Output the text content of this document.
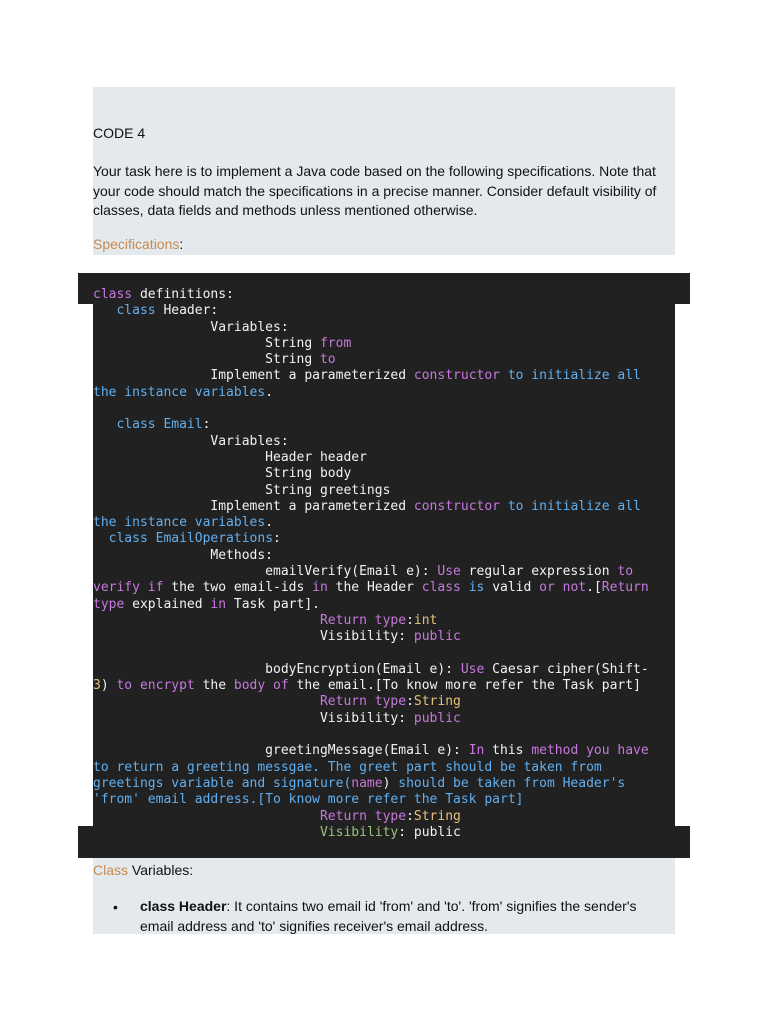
CODE 4
Your task here is to implement a Java code based on the following specifications. Note that your code should match the specifications in a precise manner. Consider default visibility of classes, data fields and methods unless mentioned otherwise.
Specifications:
class definitions:
class Header:
Variables:
String from
String to
Implement a parameterized constructor to initialize all
the instance variables.

class Email:
Variables:
Header header
String body
String greetings
Implement a parameterized constructor to initialize all
the instance variables.
class EmailOperations:
Methods:
emailVerify(Email e): Use regular expression to
verify if the two email-ids in the Header class is valid or not.[Return
type explained in Task part].
Return type:int
Visibility: public

bodyEncryption(Email e): Use Caesar cipher(Shift-
3) to encrypt the body of the email.[To know more refer the Task part]
Return type:String
Visibility: public

greetingMessage(Email e): In this method you have
to return a greeting messgae. The greet part should be taken from
greetings variable and signature(name) should be taken from Header's
'from' email address.[To know more refer the Task part]
Return type:String
Visibility: public
Class Variables:
• class Header: It contains two email id 'from' and 'to'. 'from' signifies the sender's email address and 'to' signifies receiver's email address.
